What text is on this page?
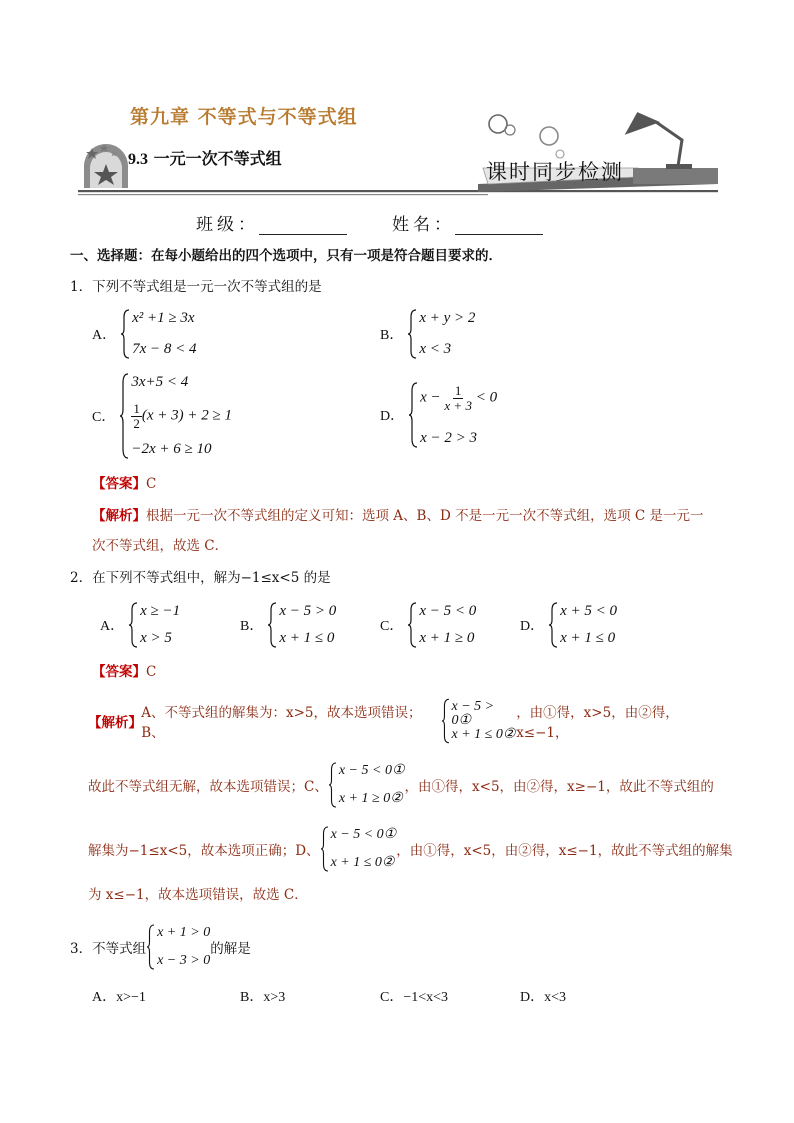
第九章 不等式与不等式组
9.3 一元一次不等式组
课时同步检测
班级：	姓名：
一、选择题：在每小题给出的四个选项中，只有一项是符合题目要求的．
1．下列不等式组是一元一次不等式组的是
A．
x² +1 ≥ 3x
7x − 8 < 4
B．
x + y > 2
x < 3
C．
3x+5 < 4
$\frac{1}{2} (x + 3) + 2 \ge 1$
−2x + 6 ≥ 10
D．
$x - \frac{1}{x + 3} < 0$
x − 2 > 3
【答案】C
【解析】根据一元一次不等式组的定义可知：选项 A、B、D 不是一元一次不等式组，选项 C 是一元一
次不等式组，故选 C．
2．在下列不等式组中，解为−1≤x<5 的是
A．
x ≥ −1
x > 5
B．
x − 5 > 0
x + 1 ≤ 0
C．
x − 5 < 0
x + 1 ≥ 0
D．
x + 5 < 0
x + 1 ≤ 0
【答案】C
【解析】
A、不等式组的解集为：x>5，故本选项错误；B、
x − 5 > 0①
x + 1 ≤ 0②
，由①得，x>5，由②得，x≤−1，
故此不等式组无解，故本选项错误；C、
x − 5 < 0①
x + 1 ≥ 0②
，由①得，x<5，由②得，x≥−1，故此不等式组的
解集为−1≤x<5，故本选项正确；D、
x − 5 < 0①
x + 1 ≤ 0②
，由①得，x<5，由②得，x≤−1，故此不等式组的解集
为 x≤−1，故本选项错误，故选 C．
3．不等式组
x + 1 > 0
x − 3 > 0
的解是
A．x>−1	B．x>3	C．−1<x<3	D．x<3
